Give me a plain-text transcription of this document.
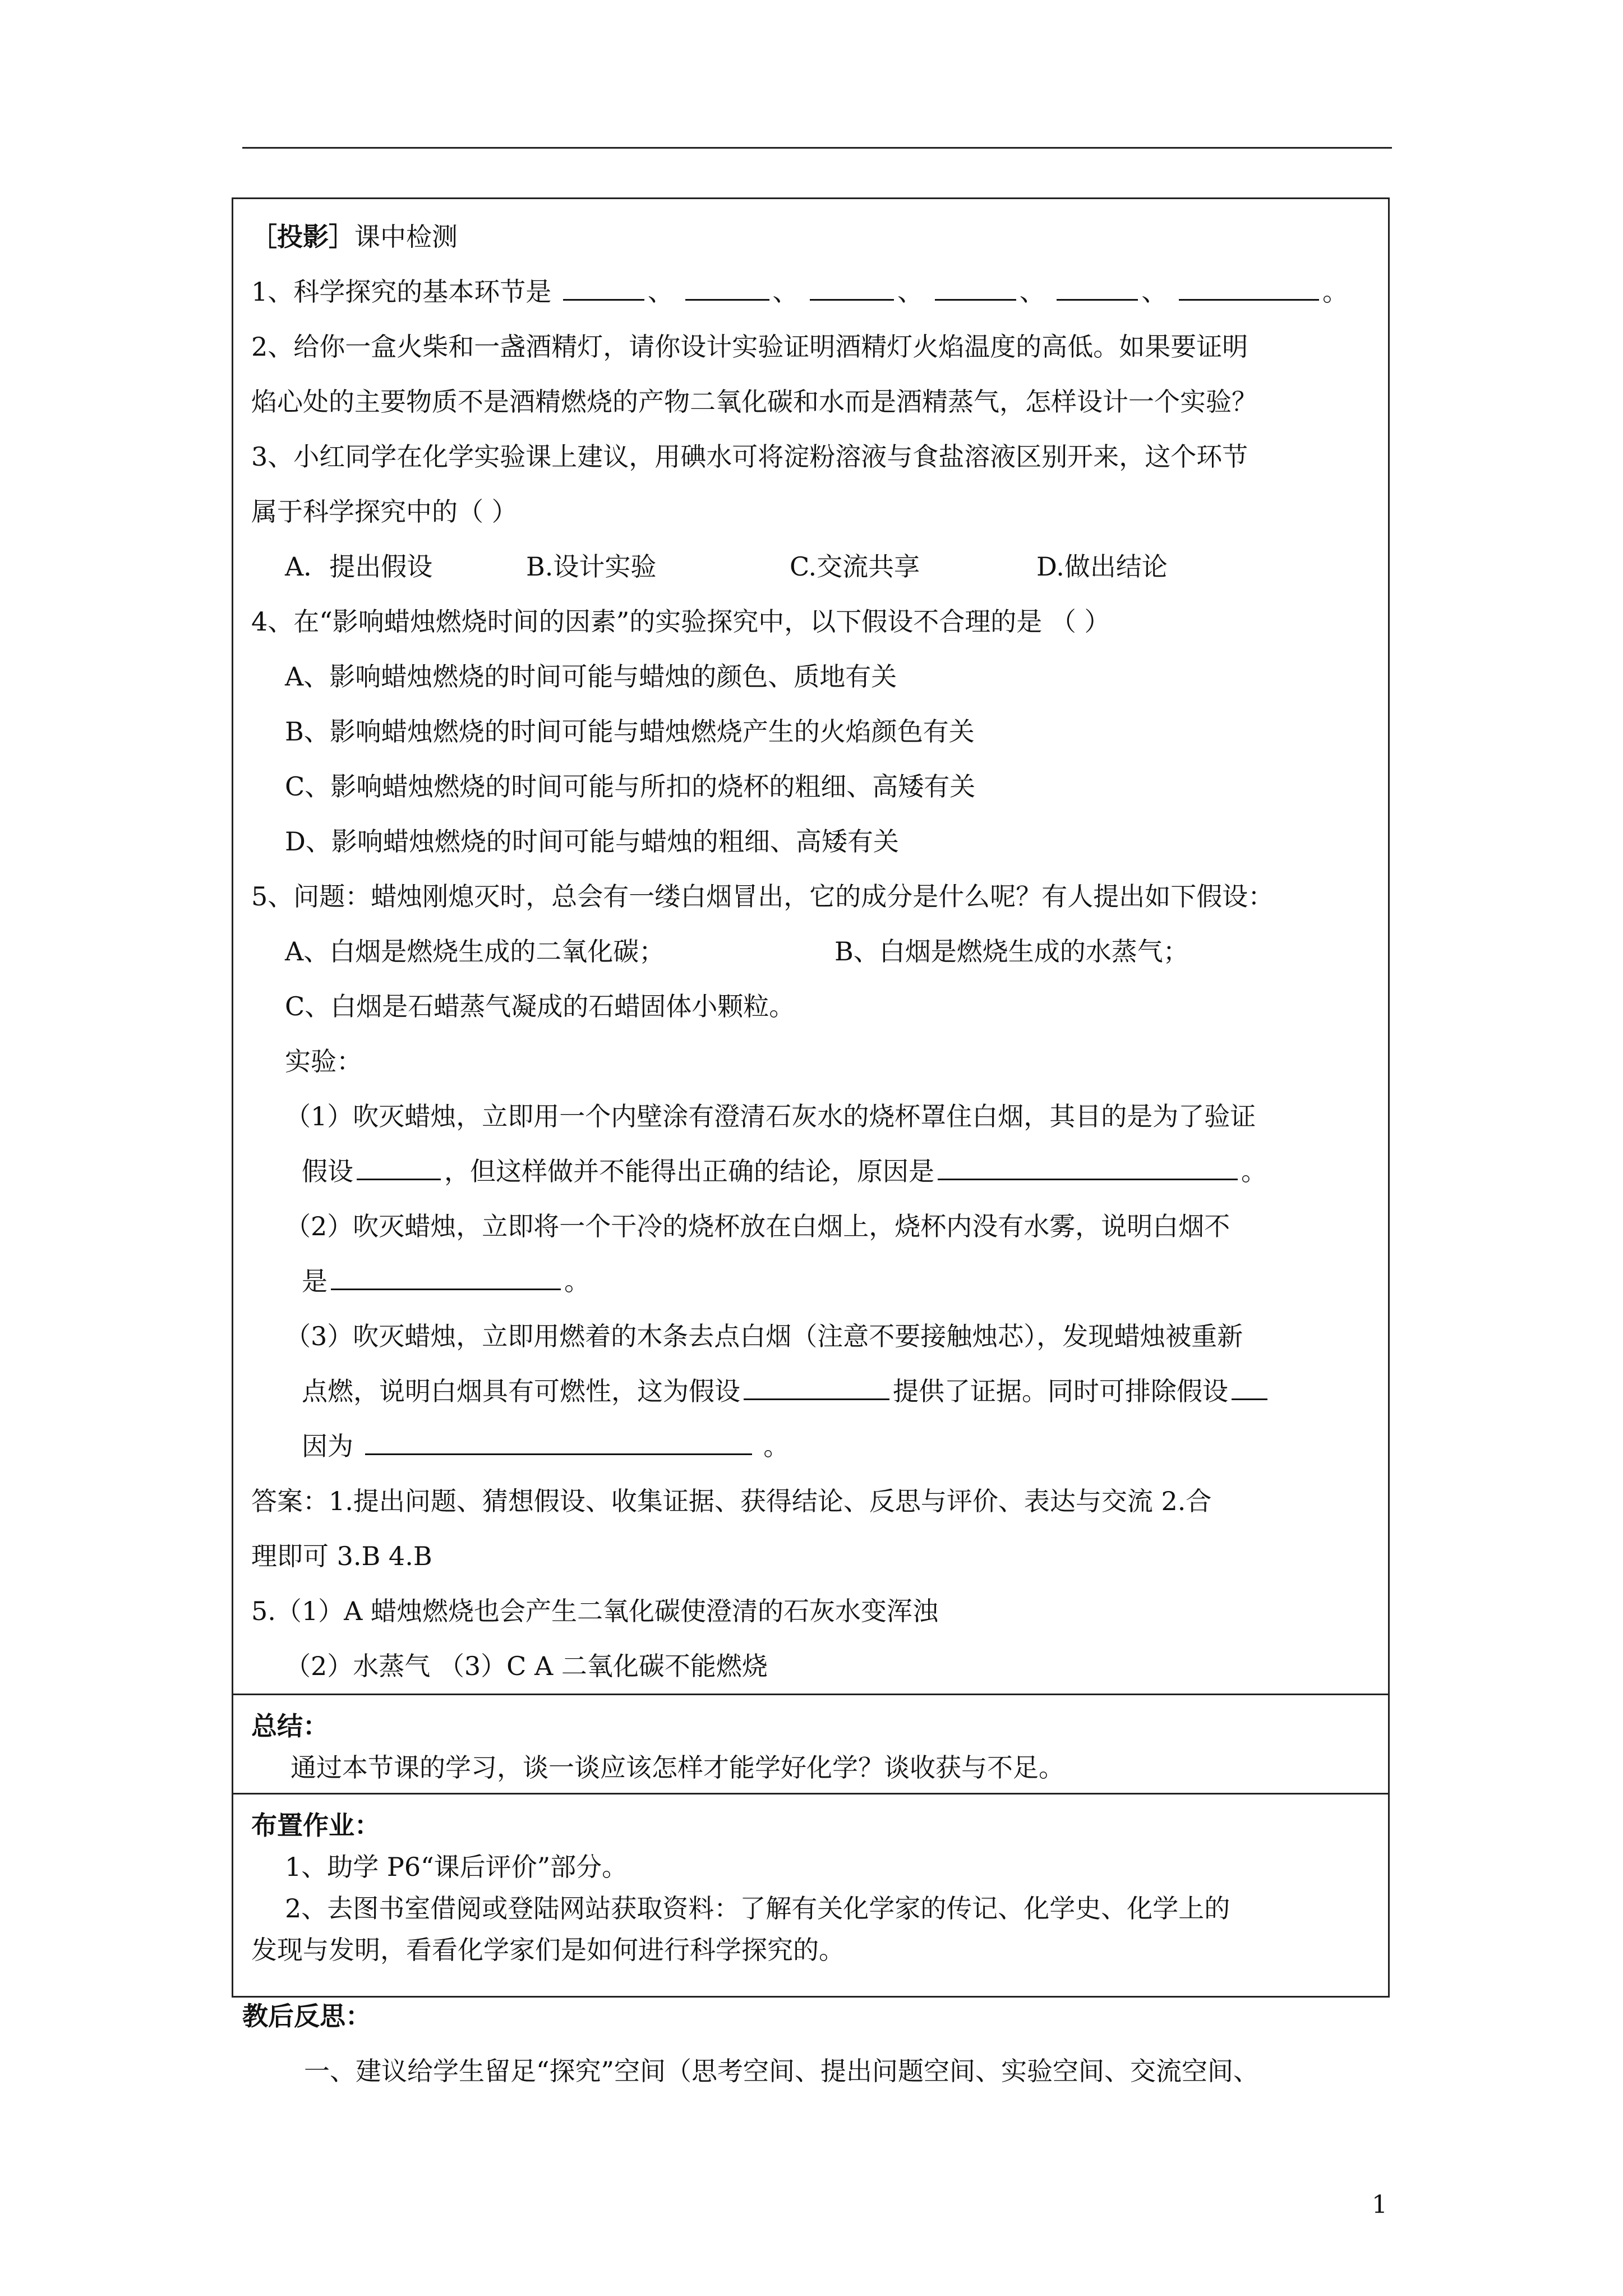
［投影］课中检测
1、科学探究的基本环节是	、	、	、	、	、	。
2、给你一盒火柴和一盏酒精灯，请你设计实验证明酒精灯火焰温度的高低。如果要证明
焰心处的主要物质不是酒精燃烧的产物二氧化碳和水而是酒精蒸气，怎样设计一个实验？
3、小红同学在化学实验课上建议，用碘水可将淀粉溶液与食盐溶液区别开来，这个环节
属于科学探究中的（ ）
A．提出假设	B.设计实验	C.交流共享	D.做出结论
4、在“影响蜡烛燃烧时间的因素”的实验探究中，以下假设不合理的是 （ ）
A、影响蜡烛燃烧的时间可能与蜡烛的颜色、质地有关
B、影响蜡烛燃烧的时间可能与蜡烛燃烧产生的火焰颜色有关
C、影响蜡烛燃烧的时间可能与所扣的烧杯的粗细、高矮有关
D、影响蜡烛燃烧的时间可能与蜡烛的粗细、高矮有关
5、问题：蜡烛刚熄灭时，总会有一缕白烟冒出，它的成分是什么呢？有人提出如下假设：
A、白烟是燃烧生成的二氧化碳；	B、白烟是燃烧生成的水蒸气；
C、白烟是石蜡蒸气凝成的石蜡固体小颗粒。
实验：
（1）吹灭蜡烛，立即用一个内壁涂有澄清石灰水的烧杯罩住白烟，其目的是为了验证
假设	，但这样做并不能得出正确的结论，原因是	。
（2）吹灭蜡烛，立即将一个干冷的烧杯放在白烟上，烧杯内没有水雾，说明白烟不
是	。
（3）吹灭蜡烛，立即用燃着的木条去点白烟（注意不要接触烛芯），发现蜡烛被重新
点燃，说明白烟具有可燃性，这为假设	提供了证据。同时可排除假设
因为	。
答案：1.提出问题、猜想假设、收集证据、获得结论、反思与评价、表达与交流 2.合
理即可 3.B 4.B
5.（1）A 蜡烛燃烧也会产生二氧化碳使澄清的石灰水变浑浊
（2）水蒸气 （3）C A 二氧化碳不能燃烧

总结：
通过本节课的学习，谈一谈应该怎样才能学好化学？谈收获与不足。

布置作业：
1、助学 P6“课后评价”部分。
2、去图书室借阅或登陆网站获取资料：了解有关化学家的传记、化学史、化学上的
发现与发明，看看化学家们是如何进行科学探究的。
教后反思：
一、建议给学生留足“探究”空间（思考空间、提出问题空间、实验空间、交流空间、
1
